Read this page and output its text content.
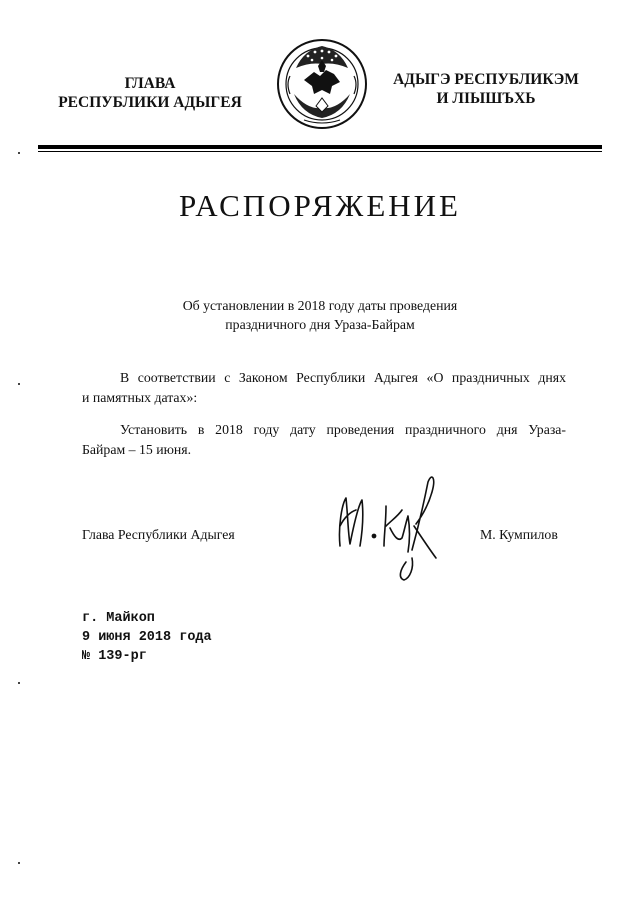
ГЛАВА
РЕСПУБЛИКИ АДЫГЕЯ
АДЫГЭ РЕСПУБЛИКЭМ
И ЛІЫШЪХЬ
РАСПОРЯЖЕНИЕ
Об установлении в 2018 году даты проведения
праздничного дня Ураза-Байрам
В соответствии с Законом Республики Адыгея «О праздничных днях
и памятных датах»:
Установить в 2018 году дату проведения праздничного дня Ураза-
Байрам – 15 июня.
Глава Республики Адыгея	М. Кумпилов
г. Майкоп
9 июня 2018 года
№ 139-рг
